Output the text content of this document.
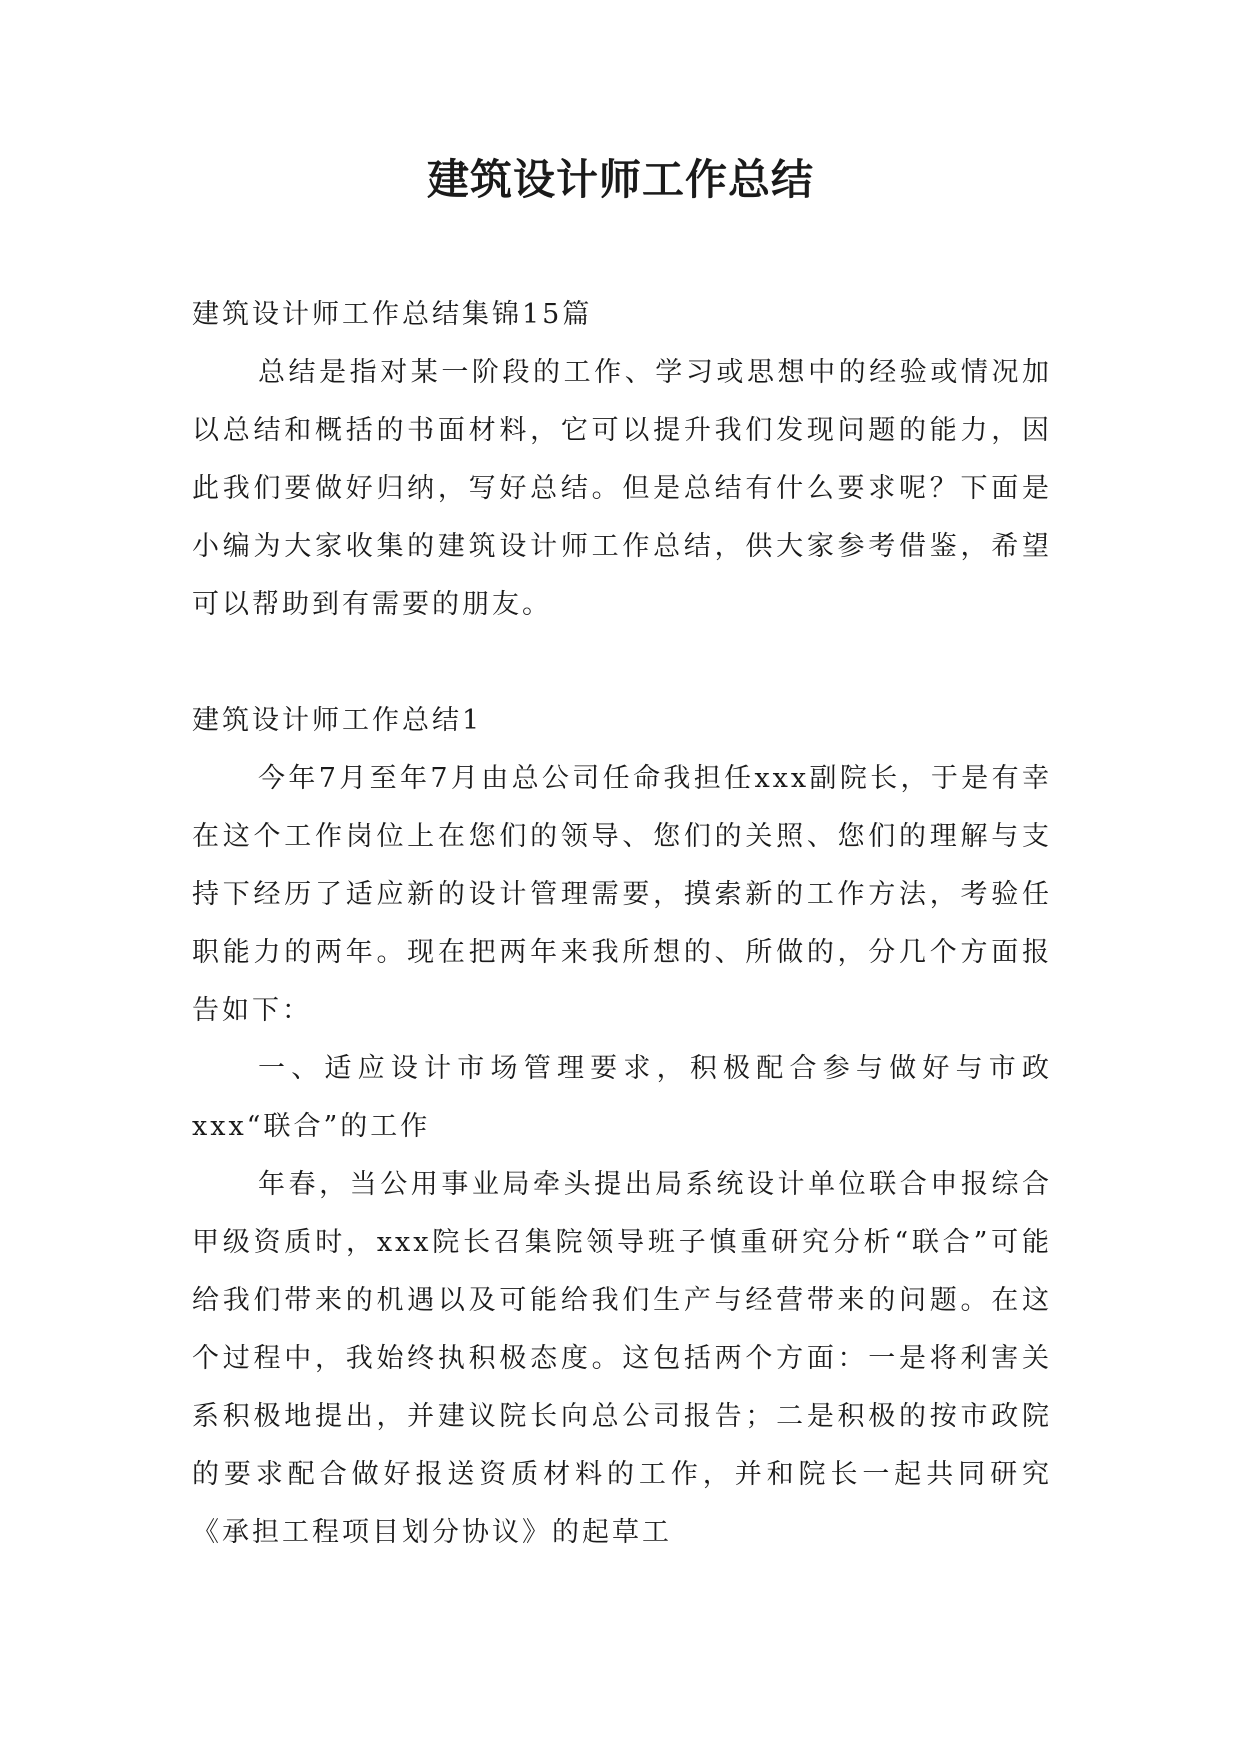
建筑设计师工作总结

建筑设计师工作总结集锦15篇

总结是指对某一阶段的工作、学习或思想中的经验或情况加以总结和概括的书面材料，它可以提升我们发现问题的能力，因此我们要做好归纳，写好总结。但是总结有什么要求呢？下面是小编为大家收集的建筑设计师工作总结，供大家参考借鉴，希望可以帮助到有需要的朋友。

建筑设计师工作总结1

今年7月至年7月由总公司任命我担任xxx副院长，于是有幸在这个工作岗位上在您们的领导、您们的关照、您们的理解与支持下经历了适应新的设计管理需要，摸索新的工作方法，考验任职能力的两年。现在把两年来我所想的、所做的，分几个方面报告如下：

一、适应设计市场管理要求，积极配合参与做好与市政xxx“联合”的工作

年春，当公用事业局牵头提出局系统设计单位联合申报综合甲级资质时，xxx院长召集院领导班子慎重研究分析“联合”可能给我们带来的机遇以及可能给我们生产与经营带来的问题。在这个过程中，我始终执积极态度。这包括两个方面：一是将利害关系积极地提出，并建议院长向总公司报告；二是积极的按市政院的要求配合做好报送资质材料的工作，并和院长一起共同研究《承担工程项目划分协议》的起草工
